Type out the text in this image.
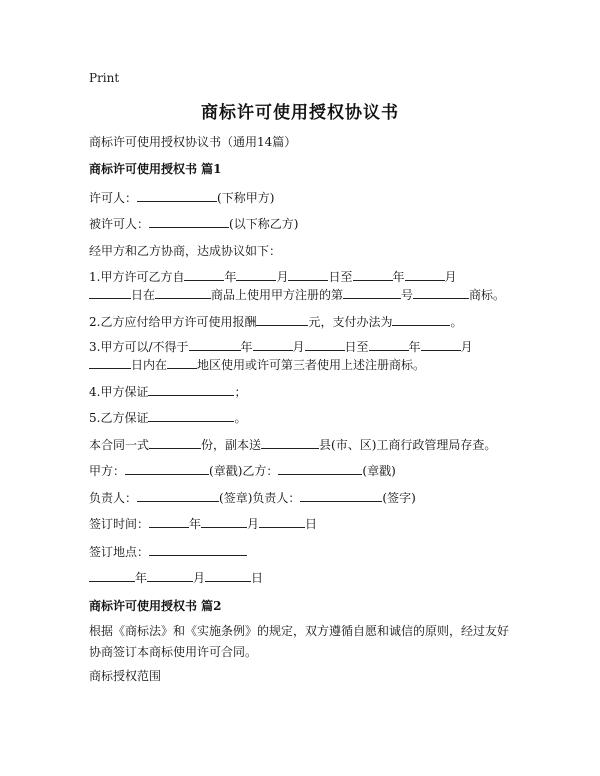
Print
商标许可使用授权协议书
商标许可使用授权协议书（通用14篇）
商标许可使用授权书 篇1
许可人：	(下称甲方)
被许可人：	(以下称乙方)
经甲方和乙方协商，达成协议如下：
1.甲方许可乙方自	年	月	日至	年	月
日在	商品上使用甲方注册的第	号	商标。
2.乙方应付给甲方许可使用报酬	元，支付办法为	。
3.甲方可以/不得于	年	月	日至	年	月
日内在	地区使用或许可第三者使用上述注册商标。
4.甲方保证	；
5.乙方保证	。
本合同一式	份，副本送	县(市、区)工商行政管理局存查。
甲方：	(章戳)乙方：	(章戳)
负责人：	(签章)负责人：	(签字)
签订时间：	年	月	日
签订地点：
年	月	日
商标许可使用授权书 篇2
根据《商标法》和《实施条例》的规定，双方遵循自愿和诚信的原则，经过友好协商签订本商标使用许可合同。
商标授权范围
